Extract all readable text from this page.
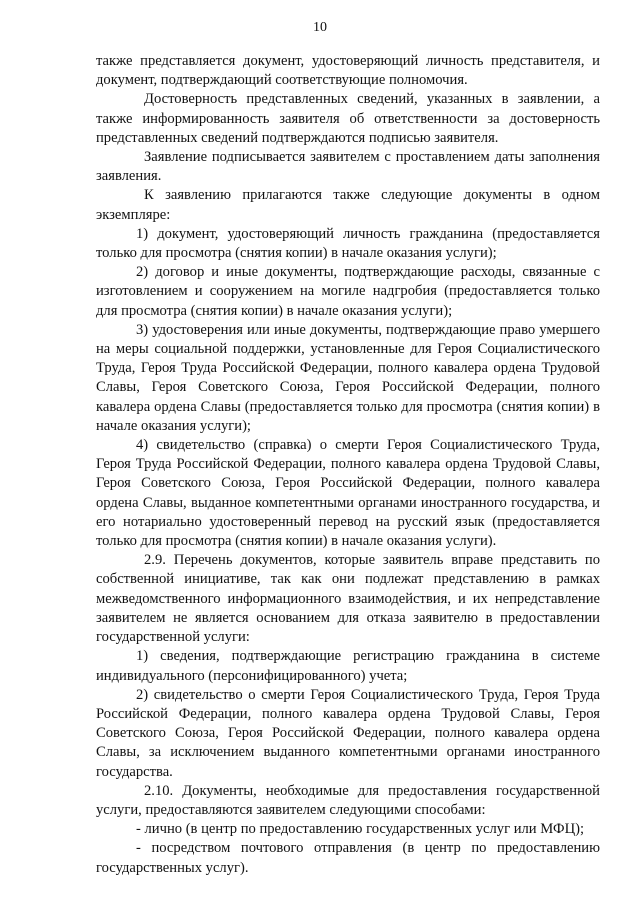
10

также представляется документ, удостоверяющий личность представителя, и документ, подтверждающий соответствующие полномочия.

Достоверность представленных сведений, указанных в заявлении, а также информированность заявителя об ответственности за достоверность представленных сведений подтверждаются подписью заявителя.

Заявление подписывается заявителем с проставлением даты заполнения заявления.

К заявлению прилагаются также следующие документы в одном экземпляре:

1) документ, удостоверяющий личность гражданина (предоставляется только для просмотра (снятия копии) в начале оказания услуги);

2) договор и иные документы, подтверждающие расходы, связанные с изготовлением и сооружением на могиле надгробия (предоставляется только для просмотра (снятия копии) в начале оказания услуги);

3) удостоверения или иные документы, подтверждающие право умершего на меры социальной поддержки, установленные для Героя Социалистического Труда, Героя Труда Российской Федерации, полного кавалера ордена Трудовой Славы, Героя Советского Союза, Героя Российской Федерации, полного кавалера ордена Славы (предоставляется только для просмотра (снятия копии) в начале оказания услуги);

4) свидетельство (справка) о смерти Героя Социалистического Труда, Героя Труда Российской Федерации, полного кавалера ордена Трудовой Славы, Героя Советского Союза, Героя Российской Федерации, полного кавалера ордена Славы, выданное компетентными органами иностранного государства, и его нотариально удостоверенный перевод на русский язык (предоставляется только для просмотра (снятия копии) в начале оказания услуги).

2.9. Перечень документов, которые заявитель вправе представить по собственной инициативе, так как они подлежат представлению в рамках межведомственного информационного взаимодействия, и их непредставление заявителем не является основанием для отказа заявителю в предоставлении государственной услуги:

1) сведения, подтверждающие регистрацию гражданина в системе индивидуального (персонифицированного) учета;

2) свидетельство о смерти Героя Социалистического Труда, Героя Труда Российской Федерации, полного кавалера ордена Трудовой Славы, Героя Советского Союза, Героя Российской Федерации, полного кавалера ордена Славы, за исключением выданного компетентными органами иностранного государства.

2.10. Документы, необходимые для предоставления государственной услуги, предоставляются заявителем следующими способами:

- лично (в центр по предоставлению государственных услуг или МФЦ);

- посредством почтового отправления (в центр по предоставлению государственных услуг).
